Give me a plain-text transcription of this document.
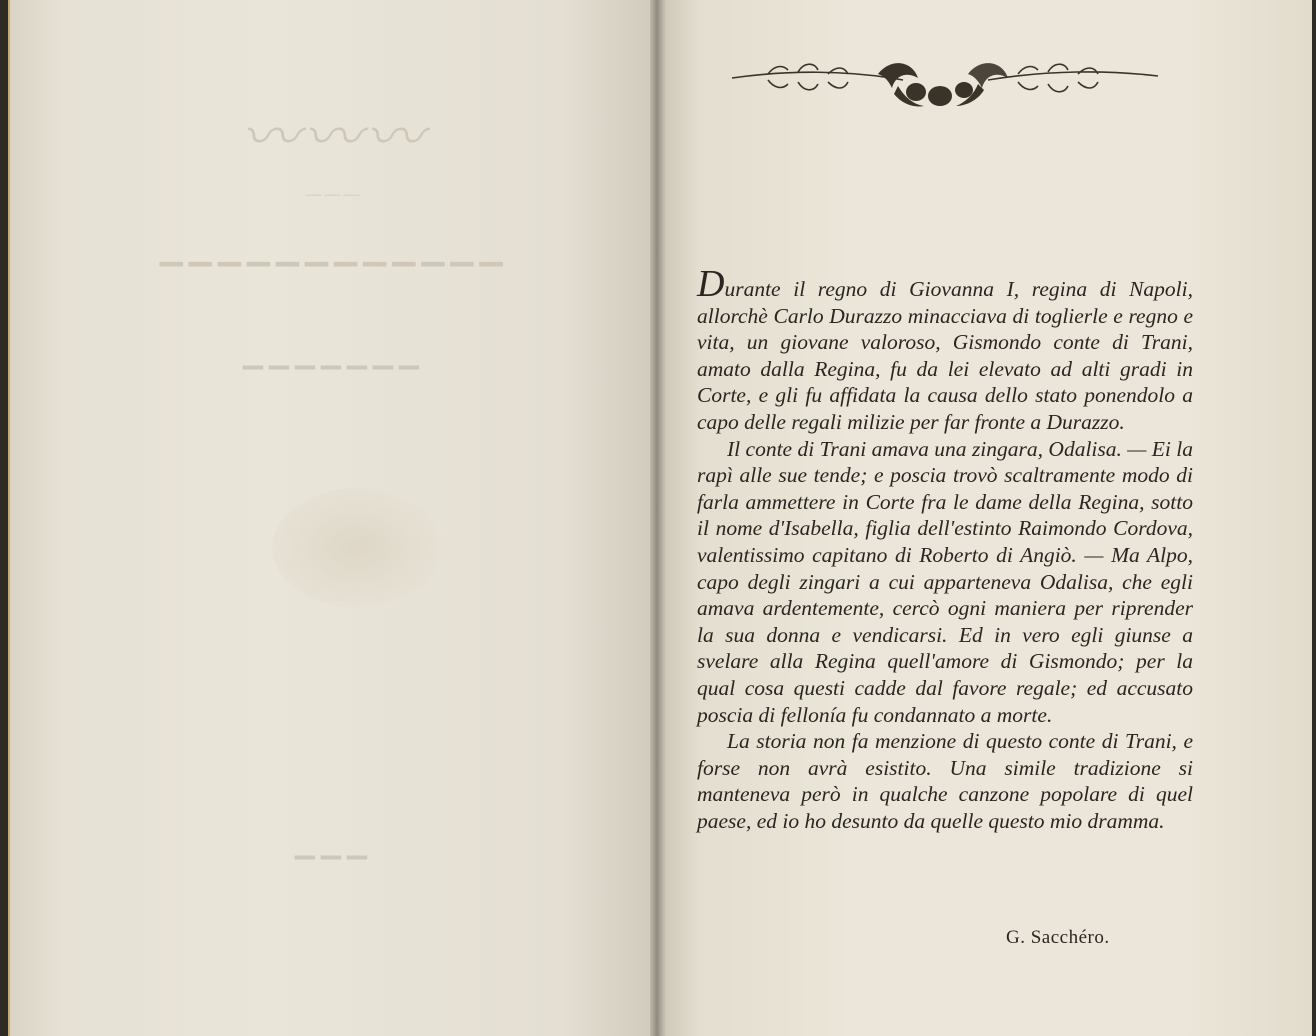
〰〰〰
———
▁▁▁▁▁▁▁▁▁▁▁▁
▁▁▁▁▁▁▁
▁▁▁

Durante il regno di Giovanna I, regina di Napoli, allorchè Carlo Durazzo minacciava di toglierle e regno e vita, un giovane valoroso, Gismondo conte di Trani, amato dalla Regina, fu da lei elevato ad alti gradi in Corte, e gli fu affidata la causa dello stato ponendolo a capo delle regali milizie per far fronte a Durazzo.

Il conte di Trani amava una zingara, Odalisa. — Ei la rapì alle sue tende; e poscia trovò scaltramente modo di farla ammettere in Corte fra le dame della Regina, sotto il nome d'Isabella, figlia dell'estinto Raimondo Cordova, valentissimo capitano di Roberto di Angiò. — Ma Alpo, capo degli zingari a cui apparteneva Odalisa, che egli amava ardentemente, cercò ogni maniera per riprender la sua donna e vendicarsi. Ed in vero egli giunse a svelare alla Regina quell'amore di Gismondo; per la qual cosa questi cadde dal favore regale; ed accusato poscia di fellonía fu condannato a morte.

La storia non fa menzione di questo conte di Trani, e forse non avrà esistito. Una simile tradizione si manteneva però in qualche canzone popolare di quel paese, ed io ho desunto da quelle questo mio dramma.

G. Sacchéro.
